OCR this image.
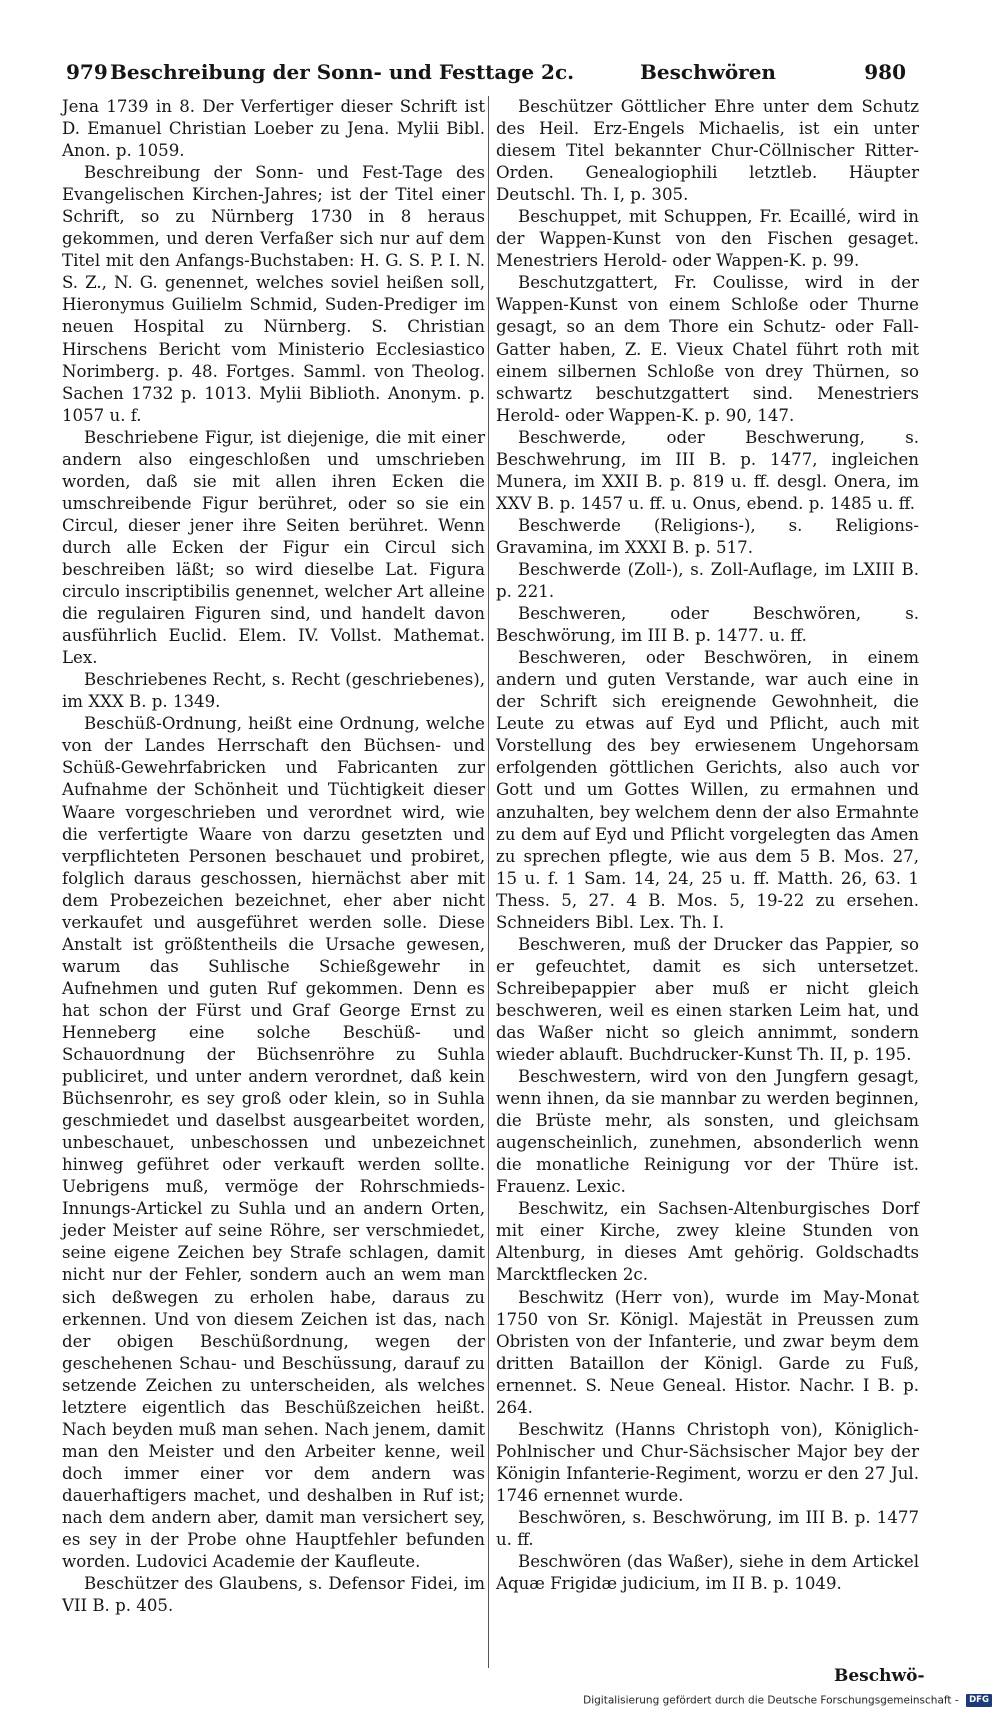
979 Beschreibung der Sonn- und Festtage 2c.	Beschwören	980

Jena 1739 in 8. Der Verfertiger dieser Schrift ist D. Emanuel Christian Loeber zu Jena. Mylii Bibl. Anon. p. 1059.

Beschreibung der Sonn- und Fest-Tage des Evangelischen Kirchen-Jahres; ist der Titel einer Schrift, so zu Nürnberg 1730 in 8 heraus gekommen, und deren Verfaßer sich nur auf dem Titel mit den Anfangs-Buchstaben: H. G. S. P. I. N. S. Z., N. G. genennet, welches soviel heißen soll, Hieronymus Guilielm Schmid, Suden-Prediger im neuen Hospital zu Nürnberg. S. Christian Hirschens Bericht vom Ministerio Ecclesiastico Norimberg. p. 48. Fortges. Samml. von Theolog. Sachen 1732 p. 1013. Mylii Biblioth. Anonym. p. 1057 u. f.

Beschriebene Figur, ist diejenige, die mit einer andern also eingeschloßen und umschrieben worden, daß sie mit allen ihren Ecken die umschreibende Figur berühret, oder so sie ein Circul, dieser jener ihre Seiten berühret. Wenn durch alle Ecken der Figur ein Circul sich beschreiben läßt; so wird dieselbe Lat. Figura circulo inscriptibilis genennet, welcher Art alleine die regulairen Figuren sind, und handelt davon ausführlich Euclid. Elem. IV. Vollst. Mathemat. Lex.

Beschriebenes Recht, s. Recht (geschriebenes), im XXX B. p. 1349.

Beschüß-Ordnung, heißt eine Ordnung, welche von der Landes Herrschaft den Büchsen- und Schüß-Gewehrfabricken und Fabricanten zur Aufnahme der Schönheit und Tüchtigkeit dieser Waare vorgeschrieben und verordnet wird, wie die verfertigte Waare von darzu gesetzten und verpflichteten Personen beschauet und probiret, folglich daraus geschossen, hiernächst aber mit dem Probezeichen bezeichnet, eher aber nicht verkaufet und ausgeführet werden solle. Diese Anstalt ist größtentheils die Ursache gewesen, warum das Suhlische Schießgewehr in Aufnehmen und guten Ruf gekommen. Denn es hat schon der Fürst und Graf George Ernst zu Henneberg eine solche Beschüß- und Schauordnung der Büchsenröhre zu Suhla publiciret, und unter andern verordnet, daß kein Büchsenrohr, es sey groß oder klein, so in Suhla geschmiedet und daselbst ausgearbeitet worden, unbeschauet, unbeschossen und unbezeichnet hinweg geführet oder verkauft werden sollte. Uebrigens muß, vermöge der Rohrschmieds-Innungs-Artickel zu Suhla und an andern Orten, jeder Meister auf seine Röhre, ser verschmiedet, seine eigene Zeichen bey Strafe schlagen, damit nicht nur der Fehler, sondern auch an wem man sich deßwegen zu erholen habe, daraus zu erkennen. Und von diesem Zeichen ist das, nach der obigen Beschüßordnung, wegen der geschehenen Schau- und Beschüssung, darauf zu setzende Zeichen zu unterscheiden, als welches letztere eigentlich das Beschüßzeichen heißt. Nach beyden muß man sehen. Nach jenem, damit man den Meister und den Arbeiter kenne, weil doch immer einer vor dem andern was dauerhaftigers machet, und deshalben in Ruf ist; nach dem andern aber, damit man versichert sey, es sey in der Probe ohne Hauptfehler befunden worden. Ludovici Academie der Kaufleute.

Beschützer des Glaubens, s. Defensor Fidei, im VII B. p. 405.

Beschützer Göttlicher Ehre unter dem Schutz des Heil. Erz-Engels Michaelis, ist ein unter diesem Titel bekannter Chur-Cöllnischer Ritter-Orden. Genealogiophili letztleb. Häupter Deutschl. Th. I, p. 305.

Beschuppet, mit Schuppen, Fr. Ecaillé, wird in der Wappen-Kunst von den Fischen gesaget. Menestriers Herold- oder Wappen-K. p. 99.

Beschutzgattert, Fr. Coulisse, wird in der Wappen-Kunst von einem Schloße oder Thurne gesagt, so an dem Thore ein Schutz- oder Fall-Gatter haben, Z. E. Vieux Chatel führt roth mit einem silbernen Schloße von drey Thürnen, so schwartz beschutzgattert sind. Menestriers Herold- oder Wappen-K. p. 90, 147.

Beschwerde, oder Beschwerung, s. Beschwehrung, im III B. p. 1477, ingleichen Munera, im XXII B. p. 819 u. ff. desgl. Onera, im XXV B. p. 1457 u. ff. u. Onus, ebend. p. 1485 u. ff.

Beschwerde (Religions-), s. Religions-Gravamina, im XXXI B. p. 517.

Beschwerde (Zoll-), s. Zoll-Auflage, im LXIII B. p. 221.

Beschweren, oder Beschwören, s. Beschwörung, im III B. p. 1477. u. ff.

Beschweren, oder Beschwören, in einem andern und guten Verstande, war auch eine in der Schrift sich ereignende Gewohnheit, die Leute zu etwas auf Eyd und Pflicht, auch mit Vorstellung des bey erwiesenem Ungehorsam erfolgenden göttlichen Gerichts, also auch vor Gott und um Gottes Willen, zu ermahnen und anzuhalten, bey welchem denn der also Ermahnte zu dem auf Eyd und Pflicht vorgelegten das Amen zu sprechen pflegte, wie aus dem 5 B. Mos. 27, 15 u. f. 1 Sam. 14, 24, 25 u. ff. Matth. 26, 63. 1 Thess. 5, 27. 4 B. Mos. 5, 19-22 zu ersehen. Schneiders Bibl. Lex. Th. I.

Beschweren, muß der Drucker das Pappier, so er gefeuchtet, damit es sich untersetzet. Schreibepappier aber muß er nicht gleich beschweren, weil es einen starken Leim hat, und das Waßer nicht so gleich annimmt, sondern wieder ablauft. Buchdrucker-Kunst Th. II, p. 195.

Beschwestern, wird von den Jungfern gesagt, wenn ihnen, da sie mannbar zu werden beginnen, die Brüste mehr, als sonsten, und gleichsam augenscheinlich, zunehmen, absonderlich wenn die monatliche Reinigung vor der Thüre ist. Frauenz. Lexic.

Beschwitz, ein Sachsen-Altenburgisches Dorf mit einer Kirche, zwey kleine Stunden von Altenburg, in dieses Amt gehörig. Goldschadts Marcktflecken 2c.

Beschwitz (Herr von), wurde im May-Monat 1750 von Sr. Königl. Majestät in Preussen zum Obristen von der Infanterie, und zwar beym dem dritten Bataillon der Königl. Garde zu Fuß, ernennet. S. Neue Geneal. Histor. Nachr. I B. p. 264.

Beschwitz (Hanns Christoph von), Königlich-Pohlnischer und Chur-Sächsischer Major bey der Königin Infanterie-Regiment, worzu er den 27 Jul. 1746 ernennet wurde.

Beschwören, s. Beschwörung, im III B. p. 1477 u. ff.

Beschwören (das Waßer), siehe in dem Artickel Aquæ Frigidæ judicium, im II B. p. 1049.

Beschwö-
Digitalisierung gefördert durch die Deutsche Forschungsgemeinschaft - DFG
